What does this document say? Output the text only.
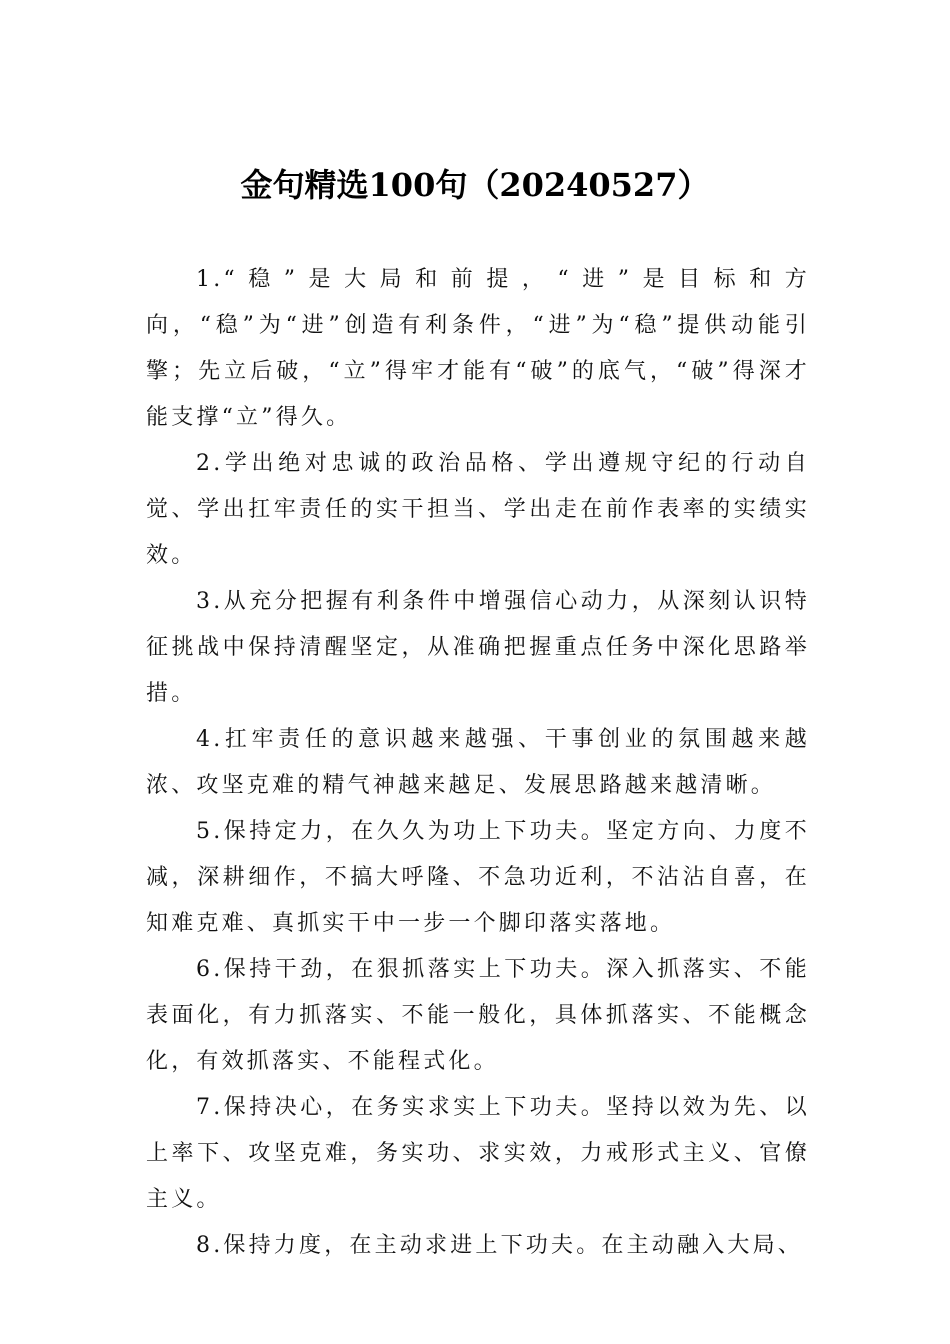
金句精选100句（20240527）

1.“稳”是大局和前提，“进”是目标和方向，“稳”为“进”创造有利条件，“进”为“稳”提供动能引擎；先立后破，“立”得牢才能有“破”的底气，“破”得深才能支撑“立”得久。

2.学出绝对忠诚的政治品格、学出遵规守纪的行动自觉、学出扛牢责任的实干担当、学出走在前作表率的实绩实效。

3.从充分把握有利条件中增强信心动力，从深刻认识特征挑战中保持清醒坚定，从准确把握重点任务中深化思路举措。

4.扛牢责任的意识越来越强、干事创业的氛围越来越浓、攻坚克难的精气神越来越足、发展思路越来越清晰。

5.保持定力，在久久为功上下功夫。坚定方向、力度不减，深耕细作，不搞大呼隆、不急功近利，不沾沾自喜，在知难克难、真抓实干中一步一个脚印落实落地。

6.保持干劲，在狠抓落实上下功夫。深入抓落实、不能表面化，有力抓落实、不能一般化，具体抓落实、不能概念化，有效抓落实、不能程式化。

7.保持决心，在务实求实上下功夫。坚持以效为先、以上率下、攻坚克难，务实功、求实效，力戒形式主义、官僚主义。

8.保持力度，在主动求进上下功夫。在主动融入大局、
